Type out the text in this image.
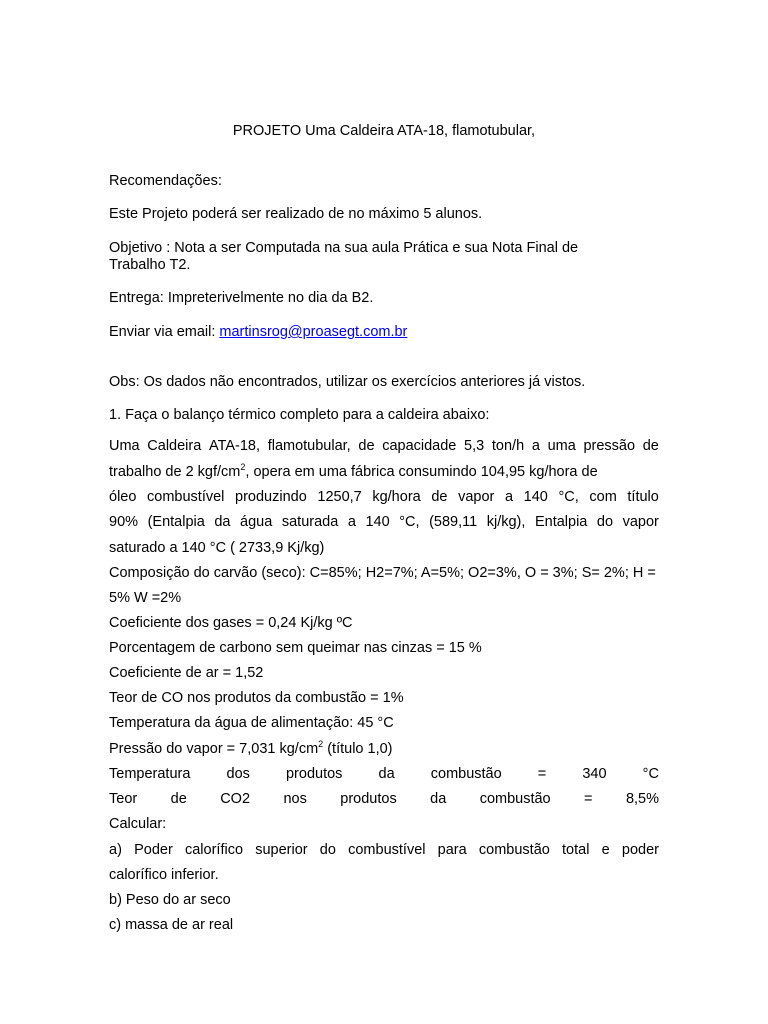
PROJETO Uma Caldeira ATA-18, flamotubular,

Recomendações:

Este Projeto poderá ser realizado de no máximo 5 alunos.

Objetivo : Nota a ser Computada na sua aula Prática e sua Nota Final de

Trabalho T2.

Entrega: Impreterivelmente no dia da B2.

Enviar via email: martinsrog@proasegt.com.br

Obs: Os dados não encontrados, utilizar os exercícios anteriores já vistos.

1. Faça o balanço térmico completo para a caldeira abaixo:

Uma Caldeira ATA-18, flamotubular, de capacidade 5,3 ton/h a uma pressão de

trabalho de 2 kgf/$cm^2$, opera em uma fábrica consumindo 104,95 kg/hora de

óleo combustível produzindo 1250,7 kg/hora de vapor a 140 °C, com título
90% (Entalpia da água saturada a 140 °C, (589,11 kj/kg), Entalpia do vapor

saturado a 140 °C ( 2733,9 Kj/kg)

Composição do carvão (seco): C=85%; H2=7%; A=5%; O2=3%, O = 3%; S= 2%; H =

5% W =2%

Coeficiente dos gases = 0,24 Kj/kg ºC

Porcentagem de carbono sem queimar nas cinzas = 15 %

Coeficiente de ar = 1,52

Teor de CO nos produtos da combustão = 1%

Temperatura da água de alimentação: 45 °C

Pressão do vapor = 7,031 $kg/cm^2$ (título 1,0)

Temperatura dos produtos da combustão = 340 °C
Teor de CO2 nos produtos da combustão = 8,5%

Calcular:

a) Poder calorífico superior do combustível para combustão total e poder

calorífico inferior.

b) Peso do ar seco

c) massa de ar real
